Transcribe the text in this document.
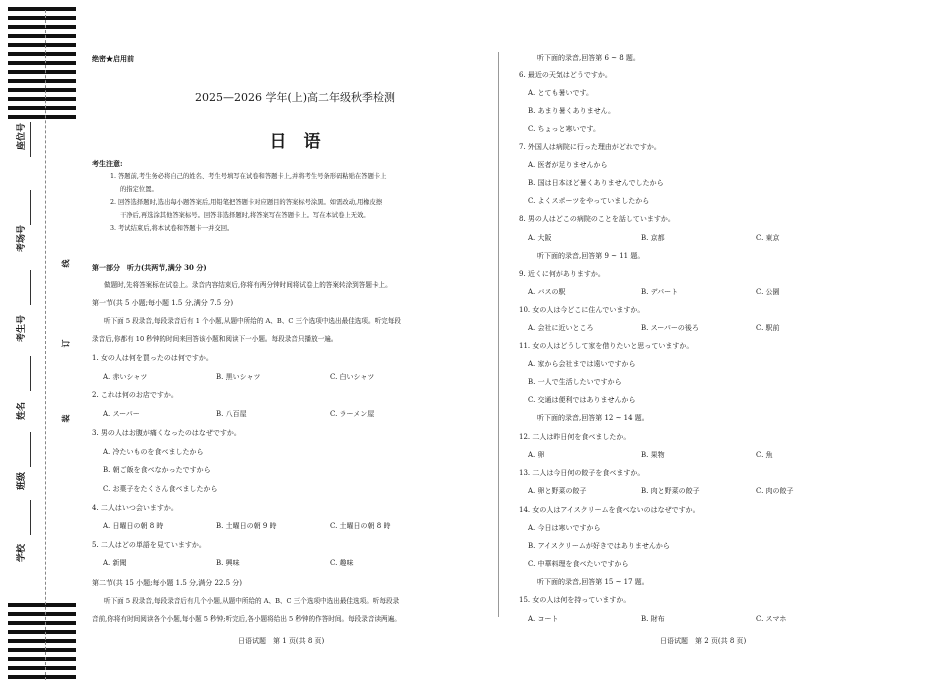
座位号
考场号
考生号
姓名
班级
学校
线
订
装
绝密★启用前
2025—2026 学年(上)高二年级秋季检测
日　语
考生注意:
1. 答题前,考生务必将自己的姓名、考生号填写在试卷和答题卡上,并将考生号条形码粘贴在答题卡上
的指定位置。
2. 回答选择题时,选出每小题答案后,用铅笔把答题卡对应题目的答案标号涂黑。如需改动,用橡皮擦
干净后,再选涂其他答案标号。回答非选择题时,将答案写在答题卡上。写在本试卷上无效。
3. 考试结束后,将本试卷和答题卡一并交回。
第一部分　听力(共两节,满分 30 分)
做题时,先将答案标在试卷上。录音内容结束后,你将有两分钟时间将试卷上的答案转涂到答题卡上。
第一节(共 5 小题;每小题 1.5 分,满分 7.5 分)
听下面 5 段录音,每段录音后有 1 个小题,从题中所给的 A、B、C 三个选项中选出最佳选项。听完每段
录音后,你都有 10 秒钟的时间来回答该小题和阅读下一小题。每段录音只播放一遍。
1. 女の人は何を買ったのは何ですか。
A. 赤いシャツ	B. 黒いシャツ	C. 白いシャツ
2. これは何のお店ですか。
A. スーパー	B. 八百屋	C. ラーメン屋
3. 男の人はお腹が痛くなったのはなぜですか。
A. 冷たいものを食べましたから
B. 朝ご飯を食べなかったですから
C. お菓子をたくさん食べましたから
4. 二人はいつ会いますか。
A. 日曜日の朝 8 時	B. 土曜日の朝 9 時	C. 土曜日の朝 8 時
5. 二人はどの単語を見ていますか。
A. 新聞	B. 興味	C. 趣味
第二节(共 15 小题;每小题 1.5 分,满分 22.5 分)
听下面 5 段录音,每段录音后有几个小题,从题中所给的 A、B、C 三个选项中选出最佳选项。听每段录
音前,你将有时间阅读各个小题,每小题 5 秒钟;听完后,各小题将给出 5 秒钟的作答时间。每段录音读两遍。
日语试题　第 1 页(共 8 页)
听下面的录音,回答第 6 ~ 8 题。
6. 最近の天気はどうですか。
A. とても暑いです。
B. あまり暑くありません。
C. ちょっと寒いです。
7. 外国人は病院に行った理由がどれですか。
A. 医者が足りませんから
B. 国は日本ほど暑くありませんでしたから
C. よくスポーツをやっていましたから
8. 男の人はどこの病院のことを話していますか。
A. 大阪	B. 京都	C. 東京
听下面的录音,回答第 9 ~ 11 题。
9. 近くに何がありますか。
A. バスの駅	B. デパート	C. 公園
10. 女の人は今どこに住んでいますか。
A. 会社に近いところ	B. スーパーの後ろ	C. 駅前
11. 女の人はどうして家を借りたいと思っていますか。
A. 家から会社までは遠いですから
B. 一人で生活したいですから
C. 交通は便利ではありませんから
听下面的录音,回答第 12 ~ 14 题。
12. 二人は昨日何を食べましたか。
A. 卵	B. 果物	C. 魚
13. 二人は今日何の餃子を食べますか。
A. 卵と野菜の餃子	B. 肉と野菜の餃子	C. 肉の餃子
14. 女の人はアイスクリームを食べないのはなぜですか。
A. 今日は寒いですから
B. アイスクリームが好きではありませんから
C. 中華料理を食べたいですから
听下面的录音,回答第 15 ~ 17 题。
15. 女の人は何を持っていますか。
A. コート	B. 財布	C. スマホ
日语试题　第 2 页(共 8 页)
